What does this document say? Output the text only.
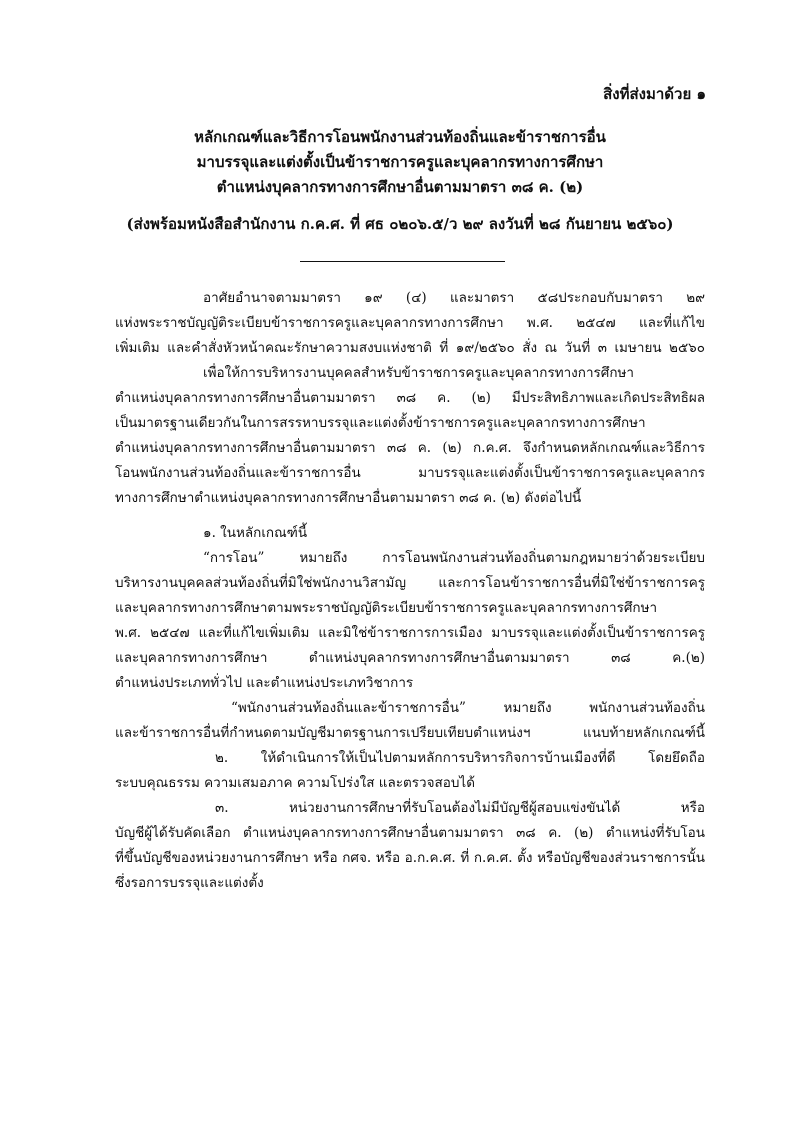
สิ่งที่ส่งมาด้วย ๑
หลักเกณฑ์และวิธีการโอนพนักงานส่วนท้องถิ่นและข้าราชการอื่น
มาบรรจุและแต่งตั้งเป็นข้าราชการครูและบุคลากรทางการศึกษา
ตำแหน่งบุคลากรทางการศึกษาอื่นตามมาตรา ๓๘ ค. (๒)
(ส่งพร้อมหนังสือสำนักงาน ก.ค.ศ. ที่ ศธ ๐๒๐๖.๕/ว ๒๙ ลงวันที่ ๒๘ กันยายน ๒๕๖๐)
อาศัยอำนาจตามมาตรา ๑๙ (๔) และมาตรา ๕๘ประกอบกับมาตรา ๒๙
แห่งพระราชบัญญัติระเบียบข้าราชการครูและบุคลากรทางการศึกษา พ.ศ. ๒๕๔๗ และที่แก้ไข
เพิ่มเติม และคำสั่งหัวหน้าคณะรักษาความสงบแห่งชาติ ที่ ๑๙/๒๕๖๐ สั่ง ณ วันที่ ๓ เมษายน ๒๕๖๐
เพื่อให้การบริหารงานบุคคลสำหรับข้าราชการครูและบุคลากรทางการศึกษา
ตำแหน่งบุคลากรทางการศึกษาอื่นตามมาตรา ๓๘ ค. (๒) มีประสิทธิภาพและเกิดประสิทธิผล
เป็นมาตรฐานเดียวกันในการสรรหาบรรจุและแต่งตั้งข้าราชการครูและบุคลากรทางการศึกษา
ตำแหน่งบุคลากรทางการศึกษาอื่นตามมาตรา ๓๘ ค. (๒) ก.ค.ศ. จึงกำหนดหลักเกณฑ์และวิธีการ
โอนพนักงานส่วนท้องถิ่นและข้าราชการอื่น มาบรรจุและแต่งตั้งเป็นข้าราชการครูและบุคลากร
ทางการศึกษาตำแหน่งบุคลากรทางการศึกษาอื่นตามมาตรา ๓๘ ค. (๒) ดังต่อไปนี้
๑. ในหลักเกณฑ์นี้
“การโอน” หมายถึง การโอนพนักงานส่วนท้องถิ่นตามกฎหมายว่าด้วยระเบียบ
บริหารงานบุคคลส่วนท้องถิ่นที่มิใช่พนักงานวิสามัญ และการโอนข้าราชการอื่นที่มิใช่ข้าราชการครู
และบุคลากรทางการศึกษาตามพระราชบัญญัติระเบียบข้าราชการครูและบุคลากรทางการศึกษา
พ.ศ. ๒๕๔๗ และที่แก้ไขเพิ่มเติม และมิใช่ข้าราชการการเมือง มาบรรจุและแต่งตั้งเป็นข้าราชการครู
และบุคลากรทางการศึกษา ตำแหน่งบุคลากรทางการศึกษาอื่นตามมาตรา ๓๘ ค.(๒)
ตำแหน่งประเภททั่วไป และตำแหน่งประเภทวิชาการ
“พนักงานส่วนท้องถิ่นและข้าราชการอื่น” หมายถึง พนักงานส่วนท้องถิ่น
และข้าราชการอื่นที่กำหนดตามบัญชีมาตรฐานการเปรียบเทียบตำแหน่งฯ แนบท้ายหลักเกณฑ์นี้
๒. ให้ดำเนินการให้เป็นไปตามหลักการบริหารกิจการบ้านเมืองที่ดี โดยยึดถือ
ระบบคุณธรรม ความเสมอภาค ความโปร่งใส และตรวจสอบได้
๓. หน่วยงานการศึกษาที่รับโอนต้องไม่มีบัญชีผู้สอบแข่งขันได้ หรือ
บัญชีผู้ได้รับคัดเลือก ตำแหน่งบุคลากรทางการศึกษาอื่นตามมาตรา ๓๘ ค. (๒) ตำแหน่งที่รับโอน
ที่ขึ้นบัญชีของหน่วยงานการศึกษา หรือ กศจ. หรือ อ.ก.ค.ศ. ที่ ก.ค.ศ. ตั้ง หรือบัญชีของส่วนราชการนั้น
ซึ่งรอการบรรจุและแต่งตั้ง
